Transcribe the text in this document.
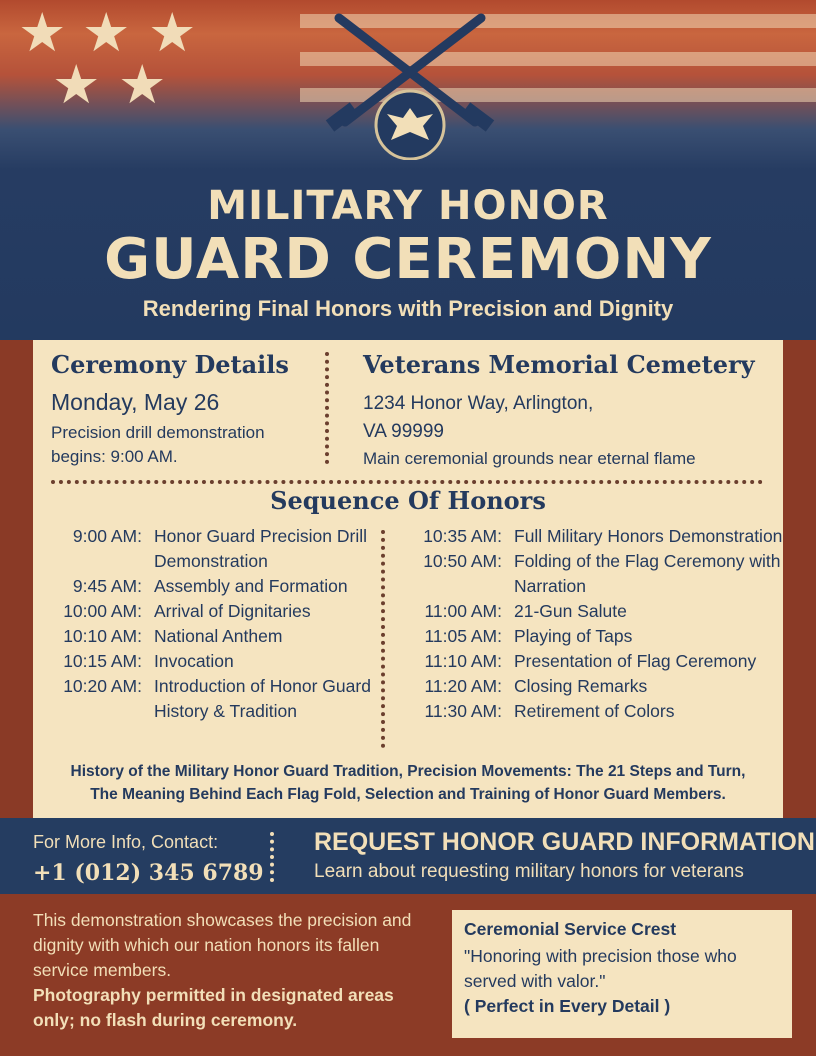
★ ★ ★
★ ★
MILITARY HONOR
GUARD CEREMONY
Rendering Final Honors with Precision and Dignity
Ceremony Details
Monday, May 26
Precision drill demonstration begins: 9:00 AM.
Veterans Memorial Cemetery
1234 Honor Way, Arlington,
VA 99999
Main ceremonial grounds near eternal flame
Sequence Of Honors
9:00 AM: Honor Guard Precision Drill Demonstration
9:45 AM: Assembly and Formation
10:00 AM: Arrival of Dignitaries
10:10 AM: National Anthem
10:15 AM: Invocation
10:20 AM: Introduction of Honor Guard History & Tradition
10:35 AM: Full Military Honors Demonstration
10:50 AM: Folding of the Flag Ceremony with Narration
11:00 AM: 21-Gun Salute
11:05 AM: Playing of Taps
11:10 AM: Presentation of Flag Ceremony
11:20 AM: Closing Remarks
11:30 AM: Retirement of Colors
History of the Military Honor Guard Tradition, Precision Movements: The 21 Steps and Turn,
The Meaning Behind Each Flag Fold, Selection and Training of Honor Guard Members.
For More Info, Contact:
+1 (012) 345 6789
REQUEST HONOR GUARD INFORMATION
Learn about requesting military honors for veterans
This demonstration showcases the precision and dignity with which our nation honors its fallen service members.
Photography permitted in designated areas only; no flash during ceremony.
Ceremonial Service Crest
"Honoring with precision those who served with valor."
( Perfect in Every Detail )
